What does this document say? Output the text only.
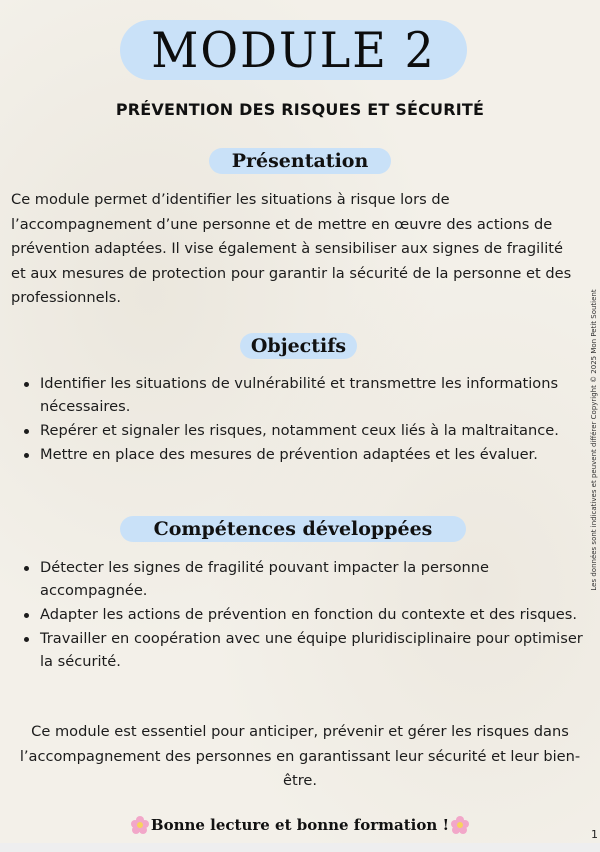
MODULE 2
PRÉVENTION DES RISQUES ET SÉCURITÉ
Présentation
Ce module permet d’identifier les situations à risque lors de l’accompagnement d’une personne et de mettre en œuvre des actions de prévention adaptées. Il vise également à sensibiliser aux signes de fragilité et aux mesures de protection pour garantir la sécurité de la personne et des professionnels.
Objectifs
Identifier les situations de vulnérabilité et transmettre les informations nécessaires.
Repérer et signaler les risques, notamment ceux liés à la maltraitance.
Mettre en place des mesures de prévention adaptées et les évaluer.
Compétences développées
Détecter les signes de fragilité pouvant impacter la personne accompagnée.
Adapter les actions de prévention en fonction du contexte et des risques.
Travailler en coopération avec une équipe pluridisciplinaire pour optimiser la sécurité.
Ce module est essentiel pour anticiper, prévenir et gérer les risques dans l’accompagnement des personnes en garantissant leur sécurité et leur bien-être.
Bonne lecture et bonne formation !
Les données sont indicatives et peuvent différer Copyright © 2025 Mon Petit Soutient
1
